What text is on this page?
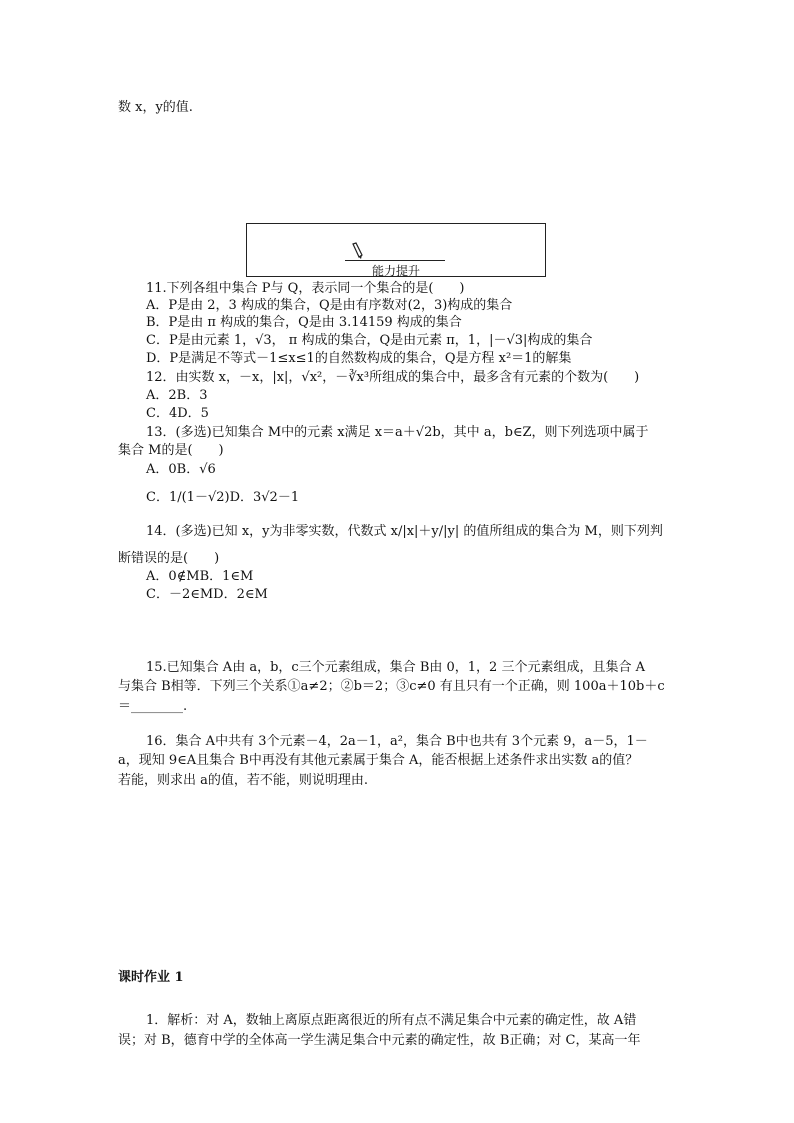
数 x，y的值.
能力提升
11.下列各组中集合 P与 Q，表示同一个集合的是(　　)
A．P是由 2，3 构成的集合，Q是由有序数对(2，3)构成的集合
B．P是由 π 构成的集合，Q是由 3.14159 构成的集合
C．P是由元素 1，√3， π 构成的集合，Q是由元素 π，1，|－√3|构成的集合
D．P是满足不等式－1≤x≤1的自然数构成的集合，Q是方程 x²＝1的解集
12．由实数 x，－x，|x|，√x²，－∛x³所组成的集合中，最多含有元素的个数为(　　)
A．2B．3
C．4D．5
13．(多选)已知集合 M中的元素 x满足 x＝a＋√2b，其中 a，b∈Z，则下列选项中属于
集合 M的是(　　)
A．0B．√6
C．1/(1－√2)D．3√2－1
14．(多选)已知 x，y为非零实数，代数式 x/|x|＋y/|y| 的值所组成的集合为 M，则下列判
断错误的是(　　)
A．0∉MB．1∈M
C．－2∈MD．2∈M
15.已知集合 A由 a，b，c三个元素组成，集合 B由 0，1，2 三个元素组成，且集合 A
与集合 B相等．下列三个关系①a≠2；②b＝2；③c≠0 有且只有一个正确，则 100a＋10b＋c
＝________.
16．集合 A中共有 3个元素－4，2a－1，a²，集合 B中也共有 3个元素 9，a－5，1－
a，现知 9∈A且集合 B中再没有其他元素属于集合 A，能否根据上述条件求出实数 a的值？
若能，则求出 a的值，若不能，则说明理由.
课时作业 1
1．解析：对 A，数轴上离原点距离很近的所有点不满足集合中元素的确定性，故 A错
误；对 B，德育中学的全体高一学生满足集合中元素的确定性，故 B正确；对 C，某高一年
